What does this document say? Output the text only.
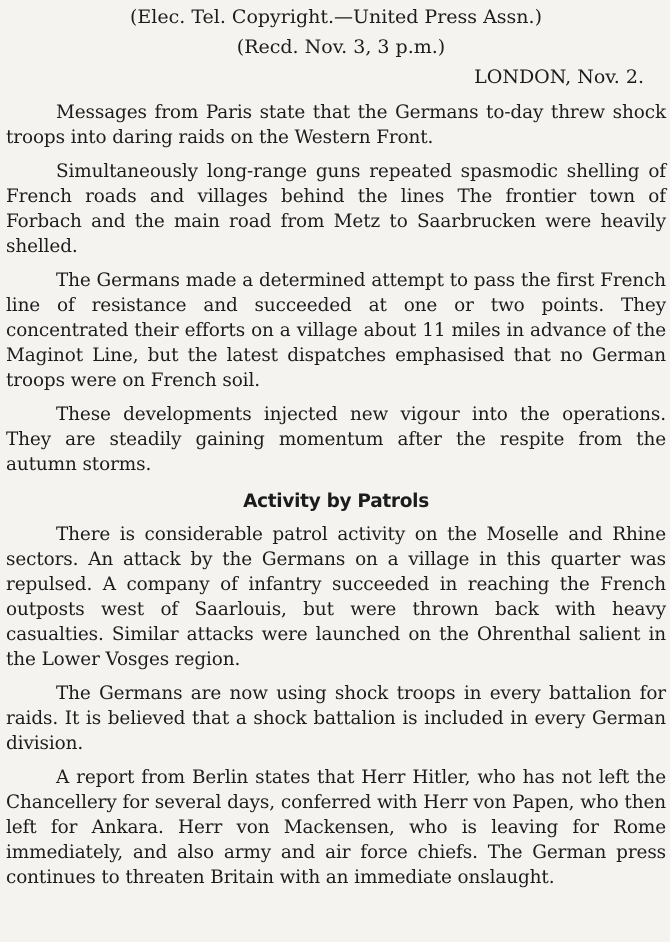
(Elec. Tel. Copyright.—United Press Assn.)
(Recd. Nov. 3, 3 p.m.)
LONDON, Nov. 2.

Messages from Paris state that the Germans to-day threw shock troops into daring raids on the Western Front.

Simultaneously long-range guns repeated spasmodic shelling of French roads and villages behind the lines The frontier town of Forbach and the main road from Metz to Saarbrucken were heavily shelled.

The Germans made a determined attempt to pass the first French line of resistance and succeeded at one or two points. They concentrated their efforts on a village about 11 miles in advance of the Maginot Line, but the latest dispatches emphasised that no German troops were on French soil.

These developments injected new vigour into the operations. They are steadily gaining momentum after the respite from the autumn storms.

Activity by Patrols

There is considerable patrol activity on the Moselle and Rhine sectors. An attack by the Germans on a village in this quarter was repulsed. A company of infantry succeeded in reaching the French outposts west of Saarlouis, but were thrown back with heavy casualties. Similar attacks were launched on the Ohrenthal salient in the Lower Vosges region.

The Germans are now using shock troops in every battalion for raids. It is believed that a shock battalion is included in every German division.

A report from Berlin states that Herr Hitler, who has not left the Chancellery for several days, conferred with Herr von Papen, who then left for Ankara. Herr von Mackensen, who is leaving for Rome immediately, and also army and air force chiefs. The German press continues to threaten Britain with an immediate onslaught.
